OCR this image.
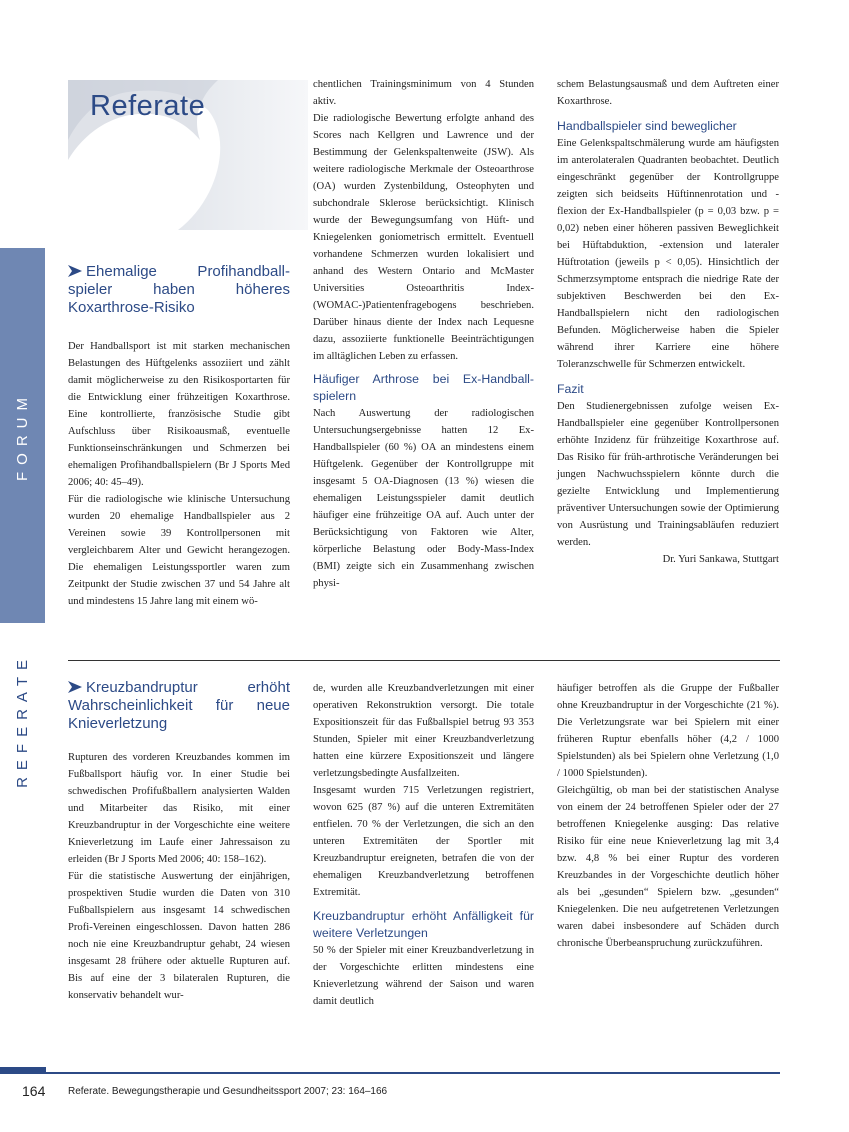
FORUM
REFERATE
Referate
Ehemalige Profihandball-spieler haben höheres Koxarthrose-Risiko

Der Handballsport ist mit starken mechanischen Belastungen des Hüftgelenks assoziiert und zählt damit möglicherweise zu den Risikosportarten für die Entwicklung einer frühzeitigen Koxarthrose. Eine kontrollierte, französische Studie gibt Aufschluss über Risikoausmaß, eventuelle Funktionseinschränkungen und Schmerzen bei ehemaligen Profihandballspielern (Br J Sports Med 2006; 40: 45–49).

Für die radiologische wie klinische Untersuchung wurden 20 ehemalige Handballspieler aus 2 Vereinen sowie 39 Kontrollpersonen mit vergleichbarem Alter und Gewicht herangezogen. Die ehemaligen Leistungssportler waren zum Zeitpunkt der Studie zwischen 37 und 54 Jahre alt und mindestens 15 Jahre lang mit einem wö-

chentlichen Trainingsminimum von 4 Stunden aktiv.

Die radiologische Bewertung erfolgte anhand des Scores nach Kellgren und Lawrence und der Bestimmung der Gelenkspaltenweite (JSW). Als weitere radiologische Merkmale der Osteoarthrose (OA) wurden Zystenbildung, Osteophyten und subchondrale Sklerose berücksichtigt. Klinisch wurde der Bewegungsumfang von Hüft- und Kniegelenken goniometrisch ermittelt. Eventuell vorhandene Schmerzen wurden lokalisiert und anhand des Western Ontario and McMaster Universities Osteoarthritis Index-(WOMAC-)Patientenfragebogens beschrieben. Darüber hinaus diente der Index nach Lequesne dazu, assoziierte funktionelle Beeinträchtigungen im alltäglichen Leben zu erfassen.

Häufiger Arthrose bei Ex-Handball-spielern

Nach Auswertung der radiologischen Untersuchungsergebnisse hatten 12 Ex-Handballspieler (60 %) OA an mindestens einem Hüftgelenk. Gegenüber der Kontrollgruppe mit insgesamt 5 OA-Diagnosen (13 %) wiesen die ehemaligen Leistungsspieler damit deutlich häufiger eine frühzeitige OA auf. Auch unter der Berücksichtigung von Faktoren wie Alter, körperliche Belastung oder Body-Mass-Index (BMI) zeigte sich ein Zusammenhang zwischen physi-

schem Belastungsausmaß und dem Auftreten einer Koxarthrose.

Handballspieler sind beweglicher

Eine Gelenkspaltschmälerung wurde am häufigsten im anterolateralen Quadranten beobachtet. Deutlich eingeschränkt gegenüber der Kontrollgruppe zeigten sich beidseits Hüftinnenrotation und -flexion der Ex-Handballspieler (p = 0,03 bzw. p = 0,02) neben einer höheren passiven Beweglichkeit bei Hüftabduktion, -extension und lateraler Hüftrotation (jeweils p < 0,05). Hinsichtlich der Schmerzsymptome entsprach die niedrige Rate der subjektiven Beschwerden bei den Ex-Handballspielern nicht den radiologischen Befunden. Möglicherweise haben die Spieler während ihrer Karriere eine höhere Toleranzschwelle für Schmerzen entwickelt.

Fazit

Den Studienergebnissen zufolge weisen Ex-Handballspieler eine gegenüber Kontrollpersonen erhöhte Inzidenz für frühzeitige Koxarthrose auf. Das Risiko für früh-arthrotische Veränderungen bei jungen Nachwuchsspielern könnte durch die gezielte Entwicklung und Implementierung präventiver Untersuchungen sowie der Optimierung von Ausrüstung und Trainingsabläufen reduziert werden.

Dr. Yuri Sankawa, Stuttgart

Kreuzbandruptur erhöht Wahrscheinlichkeit für neue Knieverletzung

Rupturen des vorderen Kreuzbandes kommen im Fußballsport häufig vor. In einer Studie bei schwedischen Profifußballern analysierten Walden und Mitarbeiter das Risiko, mit einer Kreuzbandruptur in der Vorgeschichte eine weitere Knieverletzung im Laufe einer Jahressaison zu erleiden (Br J Sports Med 2006; 40: 158–162).

Für die statistische Auswertung der einjährigen, prospektiven Studie wurden die Daten von 310 Fußballspielern aus insgesamt 14 schwedischen Profi-Vereinen eingeschlossen. Davon hatten 286 noch nie eine Kreuzbandruptur gehabt, 24 wiesen insgesamt 28 frühere oder aktuelle Rupturen auf. Bis auf eine der 3 bilateralen Rupturen, die konservativ behandelt wur-

de, wurden alle Kreuzbandverletzungen mit einer operativen Rekonstruktion versorgt. Die totale Expositionszeit für das Fußballspiel betrug 93 353 Stunden, Spieler mit einer Kreuzbandverletzung hatten eine kürzere Expositionszeit und längere verletzungsbedingte Ausfallzeiten.

Insgesamt wurden 715 Verletzungen registriert, wovon 625 (87 %) auf die unteren Extremitäten entfielen. 70 % der Verletzungen, die sich an den unteren Extremitäten der Sportler mit Kreuzbandruptur ereigneten, betrafen die von der ehemaligen Kreuzbandverletzung betroffenen Extremität.

Kreuzbandruptur erhöht Anfälligkeit für weitere Verletzungen

50 % der Spieler mit einer Kreuzbandverletzung in der Vorgeschichte erlitten mindestens eine Knieverletzung während der Saison und waren damit deutlich

häufiger betroffen als die Gruppe der Fußballer ohne Kreuzbandruptur in der Vorgeschichte (21 %). Die Verletzungsrate war bei Spielern mit einer früheren Ruptur ebenfalls höher (4,2 / 1000 Spielstunden) als bei Spielern ohne Verletzung (1,0 / 1000 Spielstunden).

Gleichgültig, ob man bei der statistischen Analyse von einem der 24 betroffenen Spieler oder der 27 betroffenen Kniegelenke ausging: Das relative Risiko für eine neue Knieverletzung lag mit 3,4 bzw. 4,8 % bei einer Ruptur des vorderen Kreuzbandes in der Vorgeschichte deutlich höher als bei „gesunden“ Spielern bzw. „gesunden“ Kniegelenken. Die neu aufgetretenen Verletzungen waren dabei insbesondere auf Schäden durch chronische Überbeanspruchung zurückzuführen.

164 Referate. Bewegungstherapie und Gesundheitssport 2007; 23: 164–166
